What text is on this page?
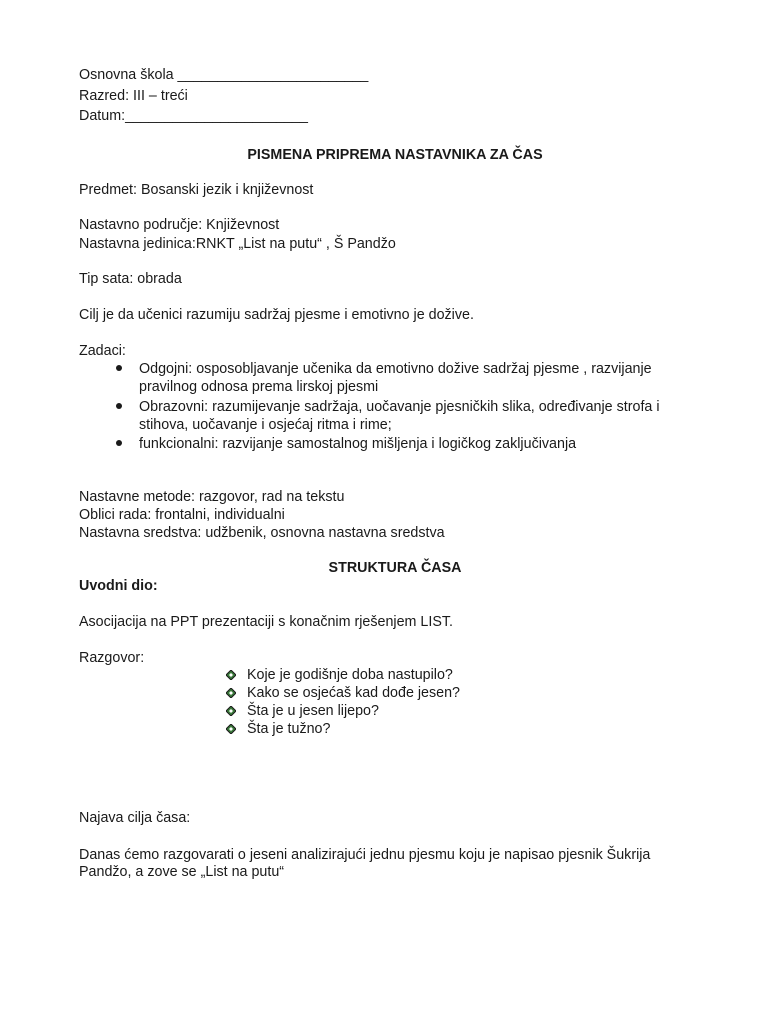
Osnovna škola ________________________
Razred: III – treći
Datum:_______________________
PISMENA PRIPREMA NASTAVNIKA ZA ČAS
Predmet: Bosanski jezik i književnost
Nastavno područje: Književnost
Nastavna jedinica:RNKT „List na putu“ , Š Pandžo
Tip sata: obrada
Cilj je da učenici razumiju sadržaj pjesme i emotivno je dožive.
Zadaci:
Odgojni: osposobljavanje učenika da emotivno dožive sadržaj pjesme , razvijanje pravilnog odnosa prema lirskoj pjesmi
Obrazovni: razumijevanje sadržaja, uočavanje pjesničkih slika, određivanje strofa i stihova, uočavanje i osjećaj ritma i rime;
funkcionalni: razvijanje samostalnog mišljenja i logičkog zaključivanja
Nastavne metode: razgovor, rad na tekstu
Oblici rada: frontalni, individualni
Nastavna sredstva: udžbenik, osnovna nastavna sredstva
STRUKTURA ČASA
Uvodni dio:
Asocijacija na PPT prezentaciji s konačnim rješenjem LIST.
Razgovor:
Koje je godišnje doba nastupilo?
Kako se osjećaš kad dođe jesen?
Šta je u jesen lijepo?
Šta je tužno?
Najava cilja časa:
Danas ćemo razgovarati o jeseni analizirajući jednu pjesmu koju je napisao pjesnik Šukrija
Pandžo, a zove se „List na putu“
